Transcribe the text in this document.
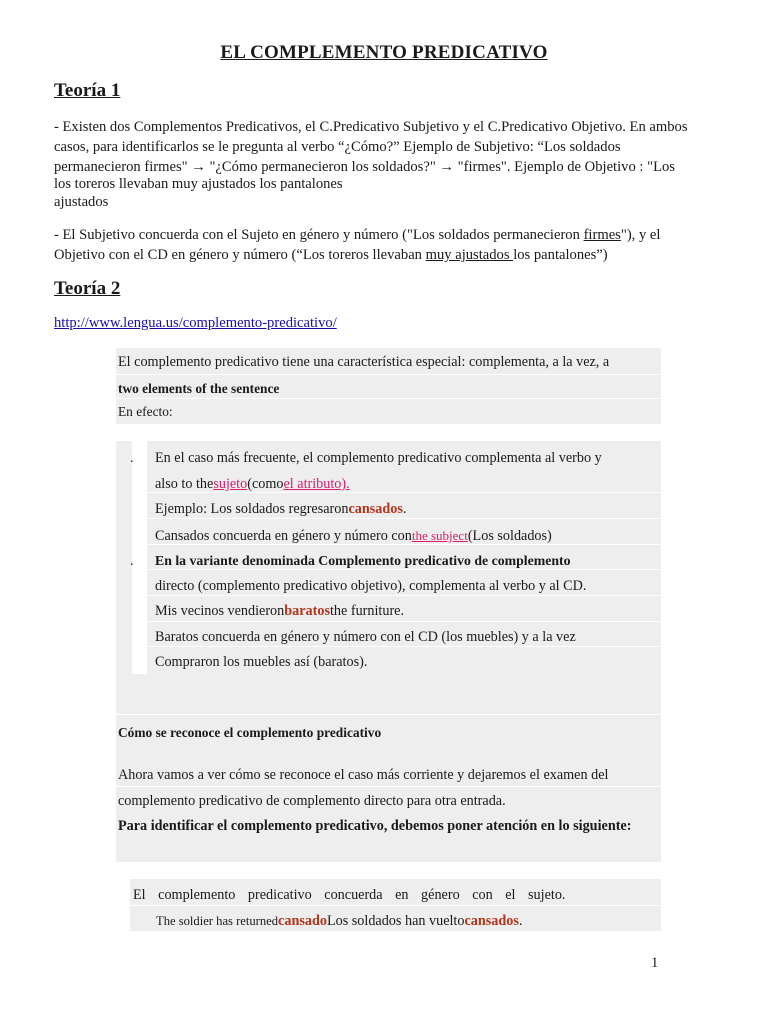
EL COMPLEMENTO PREDICATIVO
Teoría 1
- Existen dos Complementos Predicativos, el C.Predicativo Subjetivo y el C.Predicativo Objetivo. En ambos
casos, para identificarlos se le pregunta al verbo “¿Cómo?” Ejemplo de Subjetivo: “Los soldados
permanecieron firmes" → "¿Cómo permanecieron los soldados?" → "firmes". Ejemplo de Objetivo : "Los
los toreros llevaban muy ajustados los pantalones
ajustados
- El Subjetivo concuerda con el Sujeto en género y número ("Los soldados permanecieron firmes"), y el
Objetivo con el CD en género y número (“Los toreros llevaban muy ajustados los pantalones”)
Teoría 2
http://www.lengua.us/complemento-predicativo/
El complemento predicativo tiene una característica especial: complementa, a la vez, a
two elements of the sentence
En efecto:
. En el caso más frecuente, el complemento predicativo complementa al verbo y
also to thesujeto(comoel atributo).
Ejemplo: Los soldados regresaroncansados.
Cansados concuerda en género y número conthe subject(Los soldados)
. En la variante denominada Complemento predicativo de complemento
directo (complemento predicativo objetivo), complementa al verbo y al CD.
Mis vecinos vendieronbaratosthe furniture.
Baratos concuerda en género y número con el CD (los muebles) y a la vez
Compraron los muebles así (baratos).
Cómo se reconoce el complemento predicativo
Ahora vamos a ver cómo se reconoce el caso más corriente y dejaremos el examen del
complemento predicativo de complemento directo para otra entrada.
Para identificar el complemento predicativo, debemos poner atención en lo siguiente:
El complemento predicativo concuerda en género con el sujeto.
The soldier has returnedcansadoLos soldados han vueltocansados.
1
